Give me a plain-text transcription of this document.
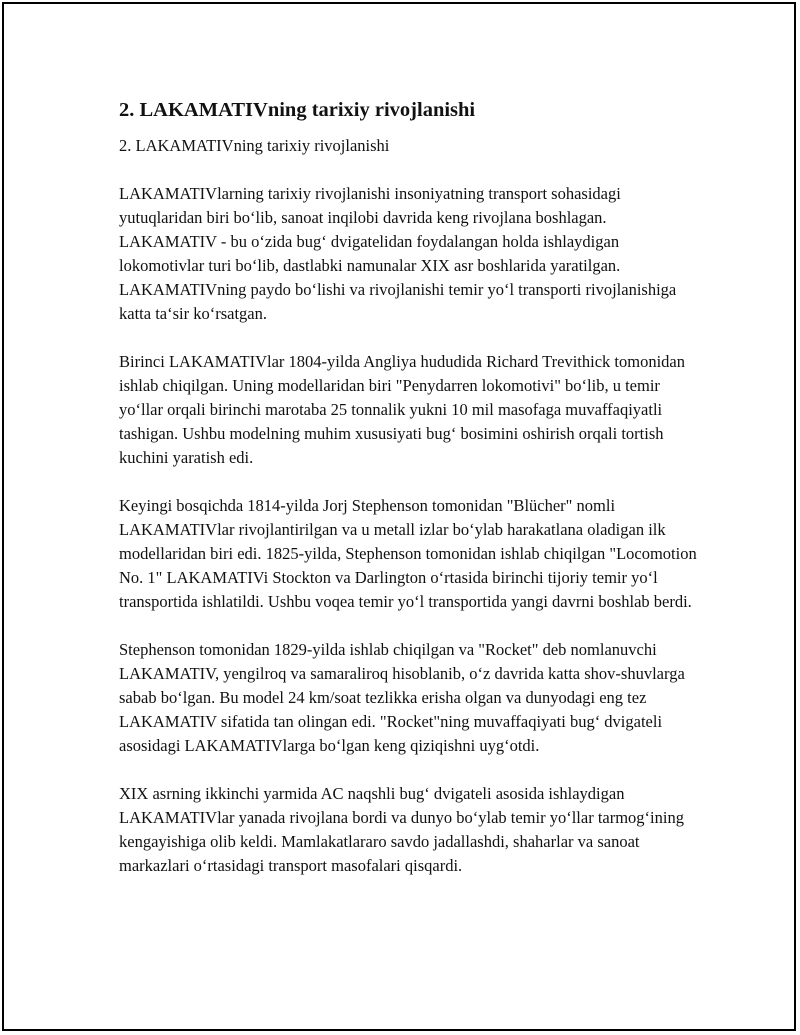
2. LAKAMATIVning tarixiy rivojlanishi
2. LAKAMATIVning tarixiy rivojlanishi

LAKAMATIVlarning tarixiy rivojlanishi insoniyatning transport sohasidagi yutuqlaridan biri bo‘lib, sanoat inqilobi davrida keng rivojlana boshlagan. LAKAMATIV - bu o‘zida bug‘ dvigatelidan foydalangan holda ishlaydigan lokomotivlar turi bo‘lib, dastlabki namunalar XIX asr boshlarida yaratilgan. LAKAMATIVning paydo bo‘lishi va rivojlanishi temir yo‘l transporti rivojlanishiga katta ta‘sir ko‘rsatgan.

Birinci LAKAMATIVlar 1804-yilda Angliya hududida Richard Trevithick tomonidan ishlab chiqilgan. Uning modellaridan biri "Penydarren lokomotivi" bo‘lib, u temir yo‘llar orqali birinchi marotaba 25 tonnalik yukni 10 mil masofaga muvaffaqiyatli tashigan. Ushbu modelning muhim xususiyati bug‘ bosimini oshirish orqali tortish kuchini yaratish edi.

Keyingi bosqichda 1814-yilda Jorj Stephenson tomonidan "Blücher" nomli LAKAMATIVlar rivojlantirilgan va u metall izlar bo‘ylab harakatlana oladigan ilk modellaridan biri edi. 1825-yilda, Stephenson tomonidan ishlab chiqilgan "Locomotion No. 1" LAKAMATIVi Stockton va Darlington o‘rtasida birinchi tijoriy temir yo‘l transportida ishlatildi. Ushbu voqea temir yo‘l transportida yangi davrni boshlab berdi.

Stephenson tomonidan 1829-yilda ishlab chiqilgan va "Rocket" deb nomlanuvchi LAKAMATIV, yengilroq va samaraliroq hisoblanib, o‘z davrida katta shov-shuvlarga sabab bo‘lgan. Bu model 24 km/soat tezlikka erisha olgan va dunyodagi eng tez LAKAMATIV sifatida tan olingan edi. "Rocket"ning muvaffaqiyati bug‘ dvigateli asosidagi LAKAMATIVlarga bo‘lgan keng qiziqishni uyg‘otdi.

XIX asrning ikkinchi yarmida AC naqshli bug‘ dvigateli asosida ishlaydigan LAKAMATIVlar yanada rivojlana bordi va dunyo bo‘ylab temir yo‘llar tarmog‘ining kengayishiga olib keldi. Mamlakatlararo savdo jadallashdi, shaharlar va sanoat markazlari o‘rtasidagi transport masofalari qisqardi.
